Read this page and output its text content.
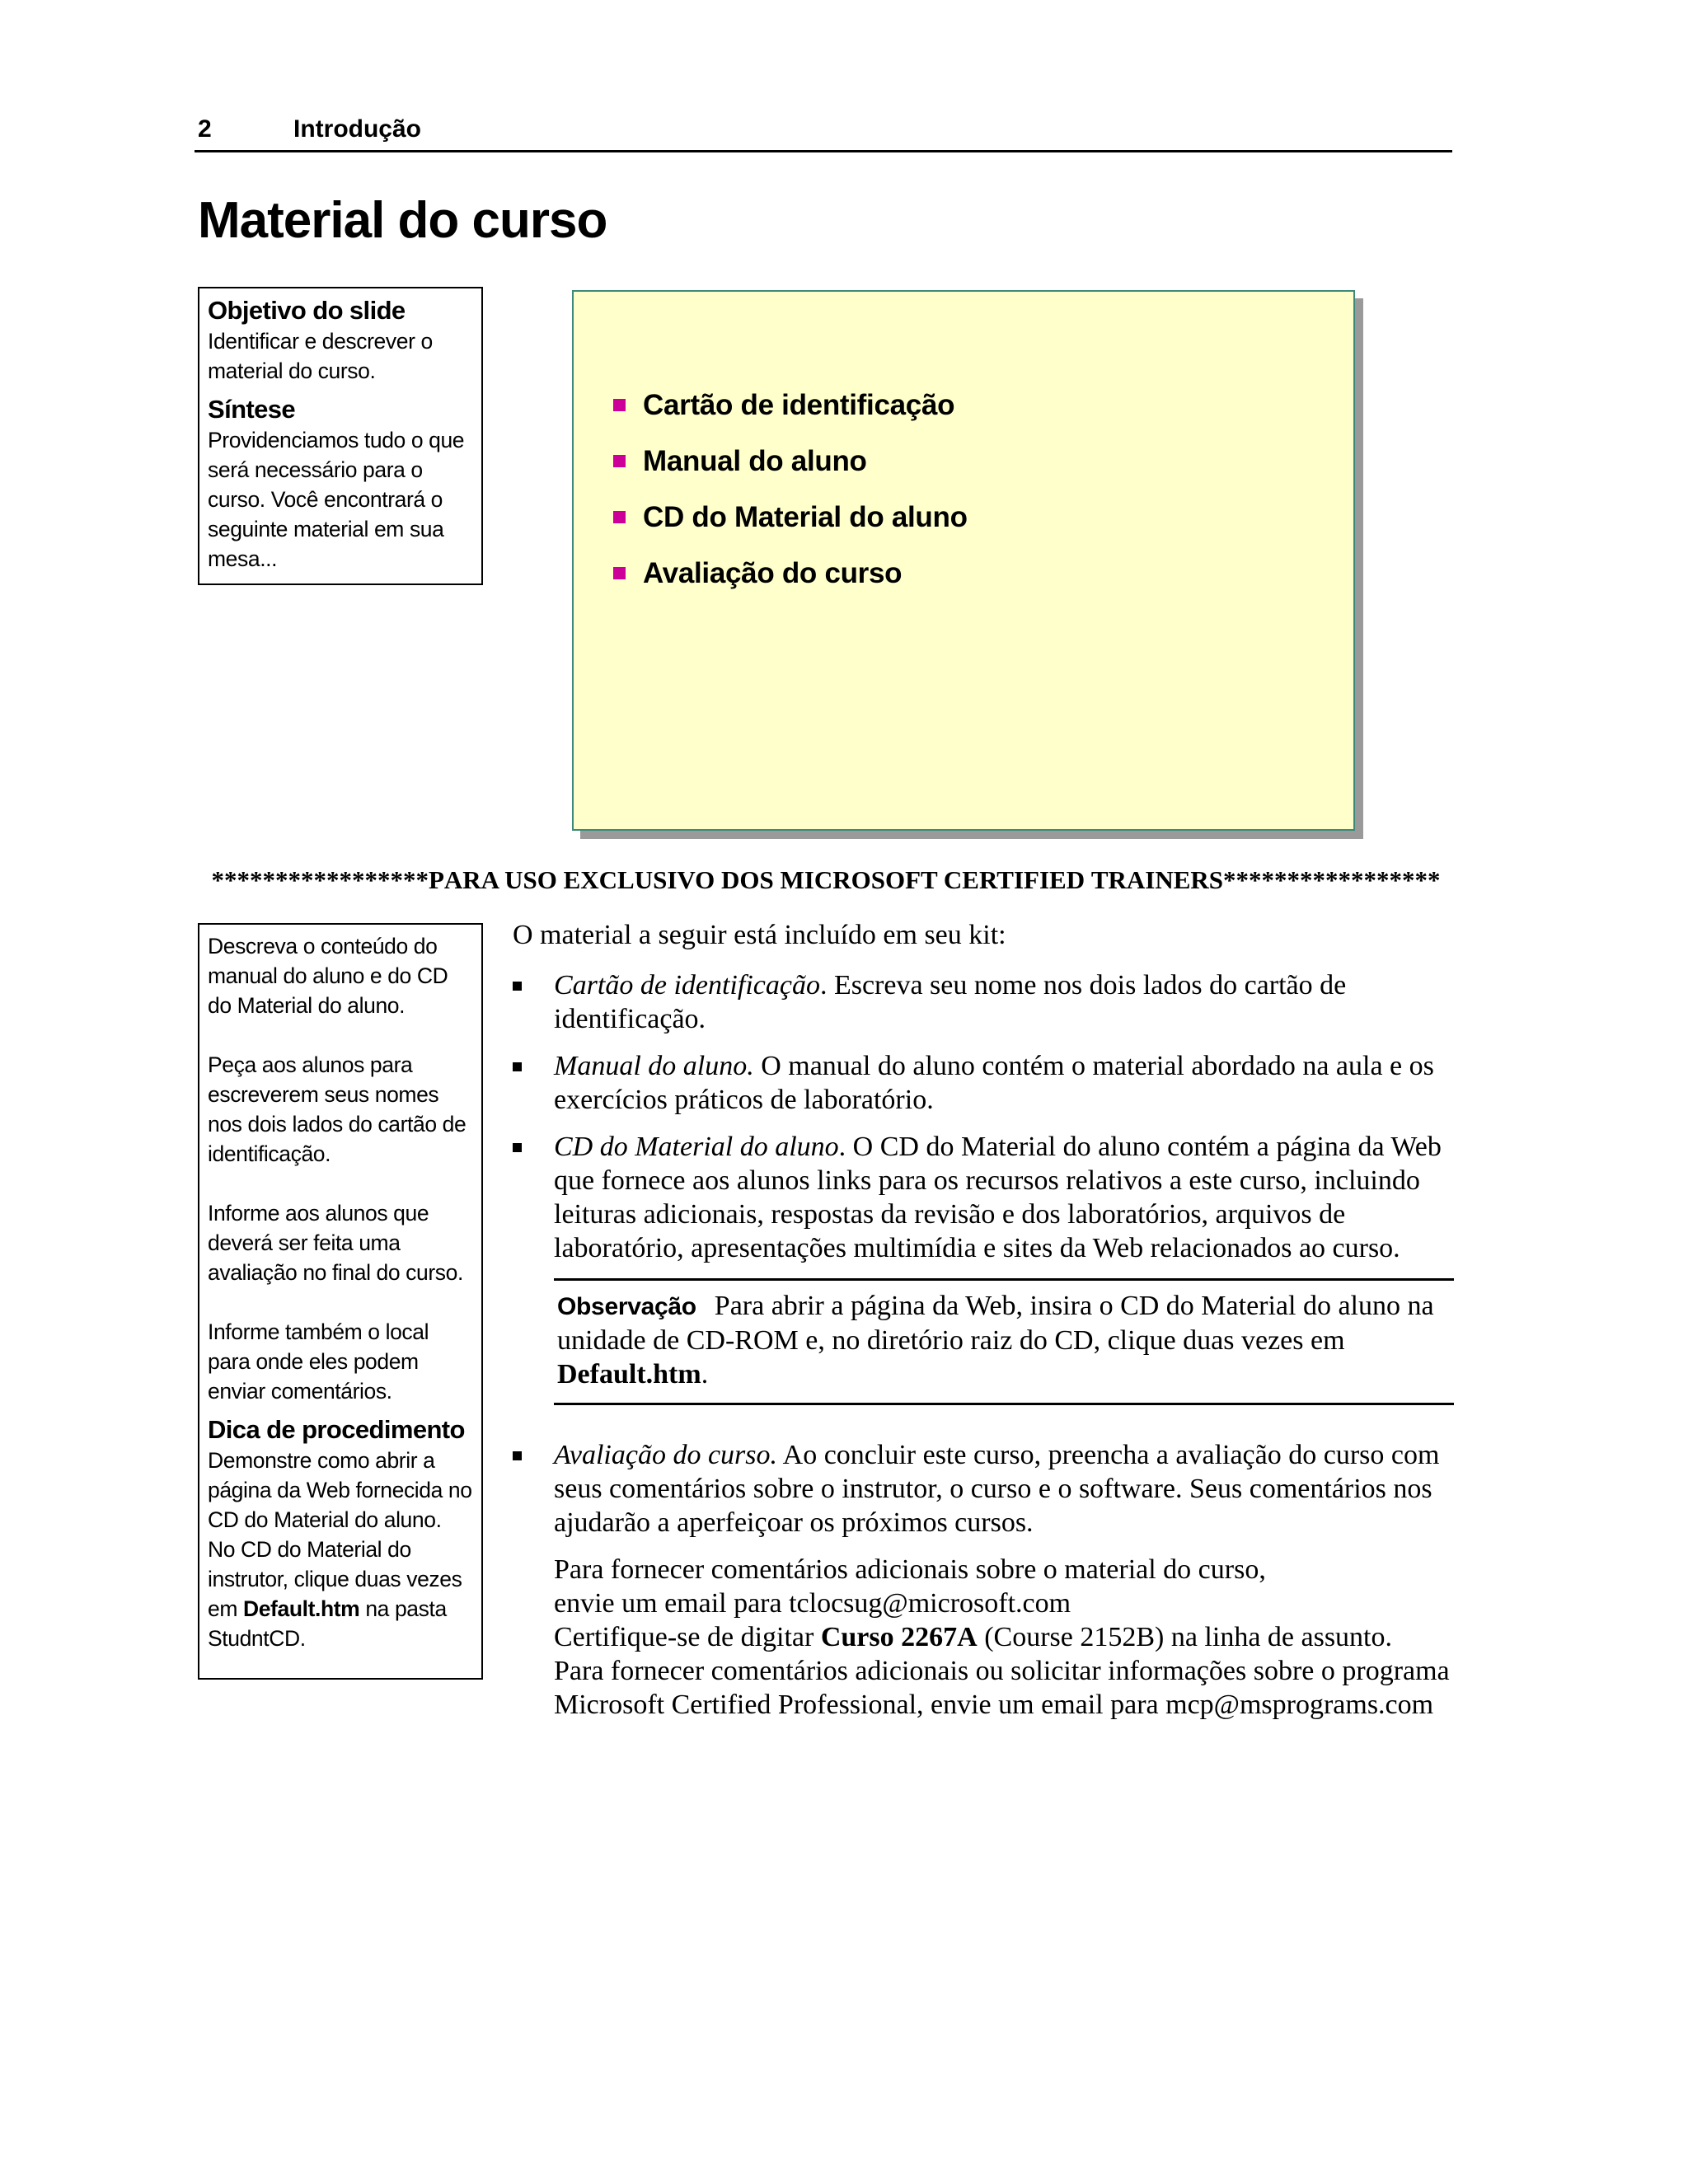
2	Introdução
Material do curso

Objetivo do slide

Identificar e descrever o material do curso.

Síntese

Providenciamos tudo o que será necessário para o curso. Você encontrará o seguinte material em sua mesa...

Cartão de identificação
Manual do aluno
CD do Material do aluno
Avaliação do curso
*****************PARA USO EXCLUSIVO DOS MICROSOFT CERTIFIED TRAINERS*****************

Descreva o conteúdo do manual do aluno e do CD do Material do aluno.

Peça aos alunos para escreverem seus nomes nos dois lados do cartão de identificação.

Informe aos alunos que deverá ser feita uma avaliação no final do curso.

Informe também o local para onde eles podem enviar comentários.

Dica de procedimento

Demonstre como abrir a página da Web fornecida no CD do Material do aluno. No CD do Material do instrutor, clique duas vezes em Default.htm na pasta StudntCD.

O material a seguir está incluído em seu kit:

Cartão de identificação. Escreva seu nome nos dois lados do cartão de identificação.
Manual do aluno. O manual do aluno contém o material abordado na aula e os exercícios práticos de laboratório.
CD do Material do aluno. O CD do Material do aluno contém a página da Web que fornece aos alunos links para os recursos relativos a este curso, incluindo leituras adicionais, respostas da revisão e dos laboratórios, arquivos de laboratório, apresentações multimídia e sites da Web relacionados ao curso.
Observação Para abrir a página da Web, insira o CD do Material do aluno na unidade de CD-ROM e, no diretório raiz do CD, clique duas vezes em Default.htm.
Avaliação do curso. Ao concluir este curso, preencha a avaliação do curso com seus comentários sobre o instrutor, o curso e o software. Seus comentários nos ajudarão a aperfeiçoar os próximos cursos.

Para fornecer comentários adicionais sobre o material do curso,
envie um email para tclocsug@microsoft.com
Certifique-se de digitar Curso 2267A (Course 2152B) na linha de assunto.

Para fornecer comentários adicionais ou solicitar informações sobre o programa Microsoft Certified Professional, envie um email para mcp@msprograms.com
